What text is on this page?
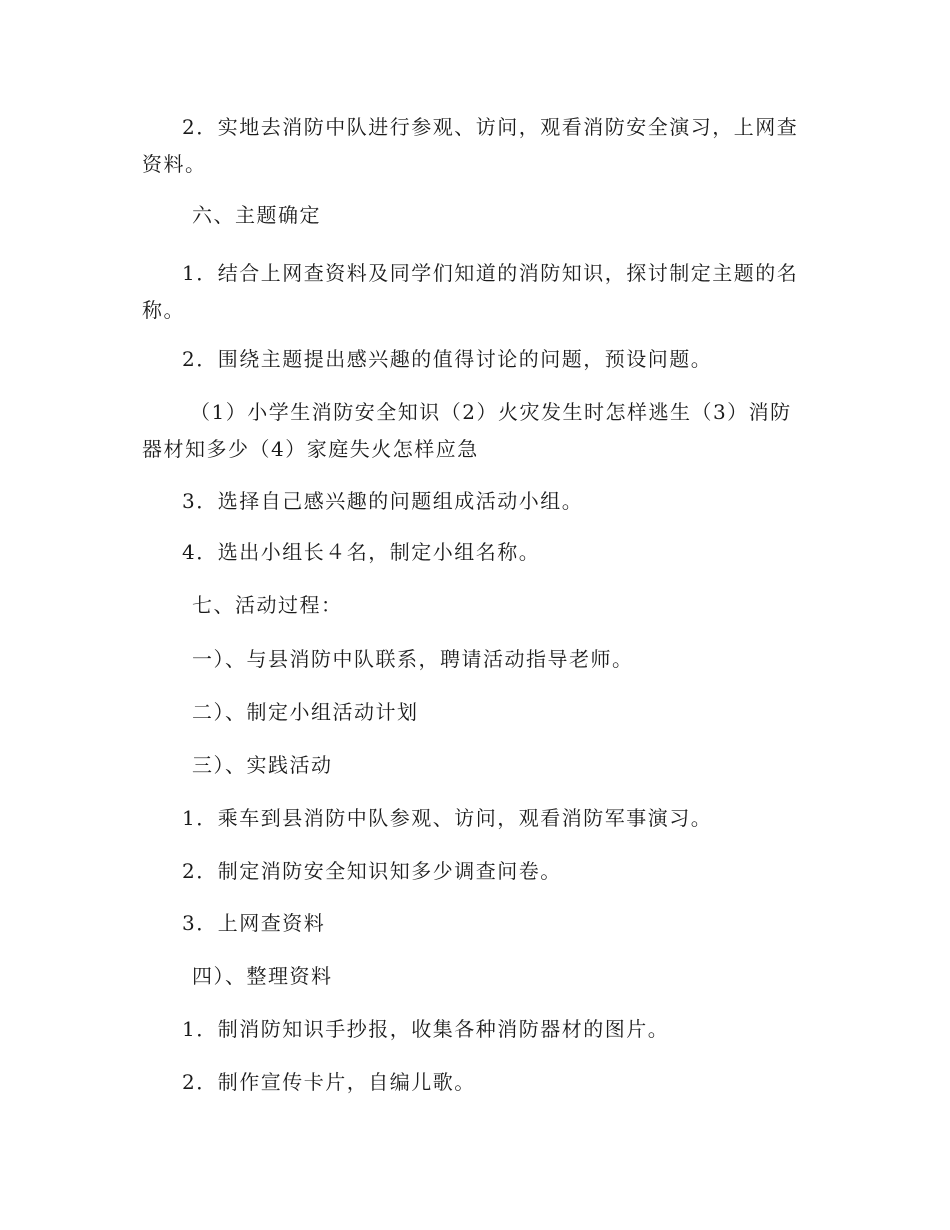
2．实地去消防中队进行参观、访问，观看消防安全演习，上网查资料。

六、主题确定

1．结合上网查资料及同学们知道的消防知识，探讨制定主题的名称。

2．围绕主题提出感兴趣的值得讨论的问题，预设问题。

（1）小学生消防安全知识（2）火灾发生时怎样逃生（3）消防器材知多少（4）家庭失火怎样应急

3．选择自己感兴趣的问题组成活动小组。

4．选出小组长４名，制定小组名称。

七、活动过程：

一）、与县消防中队联系，聘请活动指导老师。

二）、制定小组活动计划

三）、实践活动

1．乘车到县消防中队参观、访问，观看消防军事演习。

2．制定消防安全知识知多少调查问卷。

3．上网查资料

四）、整理资料

1．制消防知识手抄报，收集各种消防器材的图片。

2．制作宣传卡片，自编儿歌。
